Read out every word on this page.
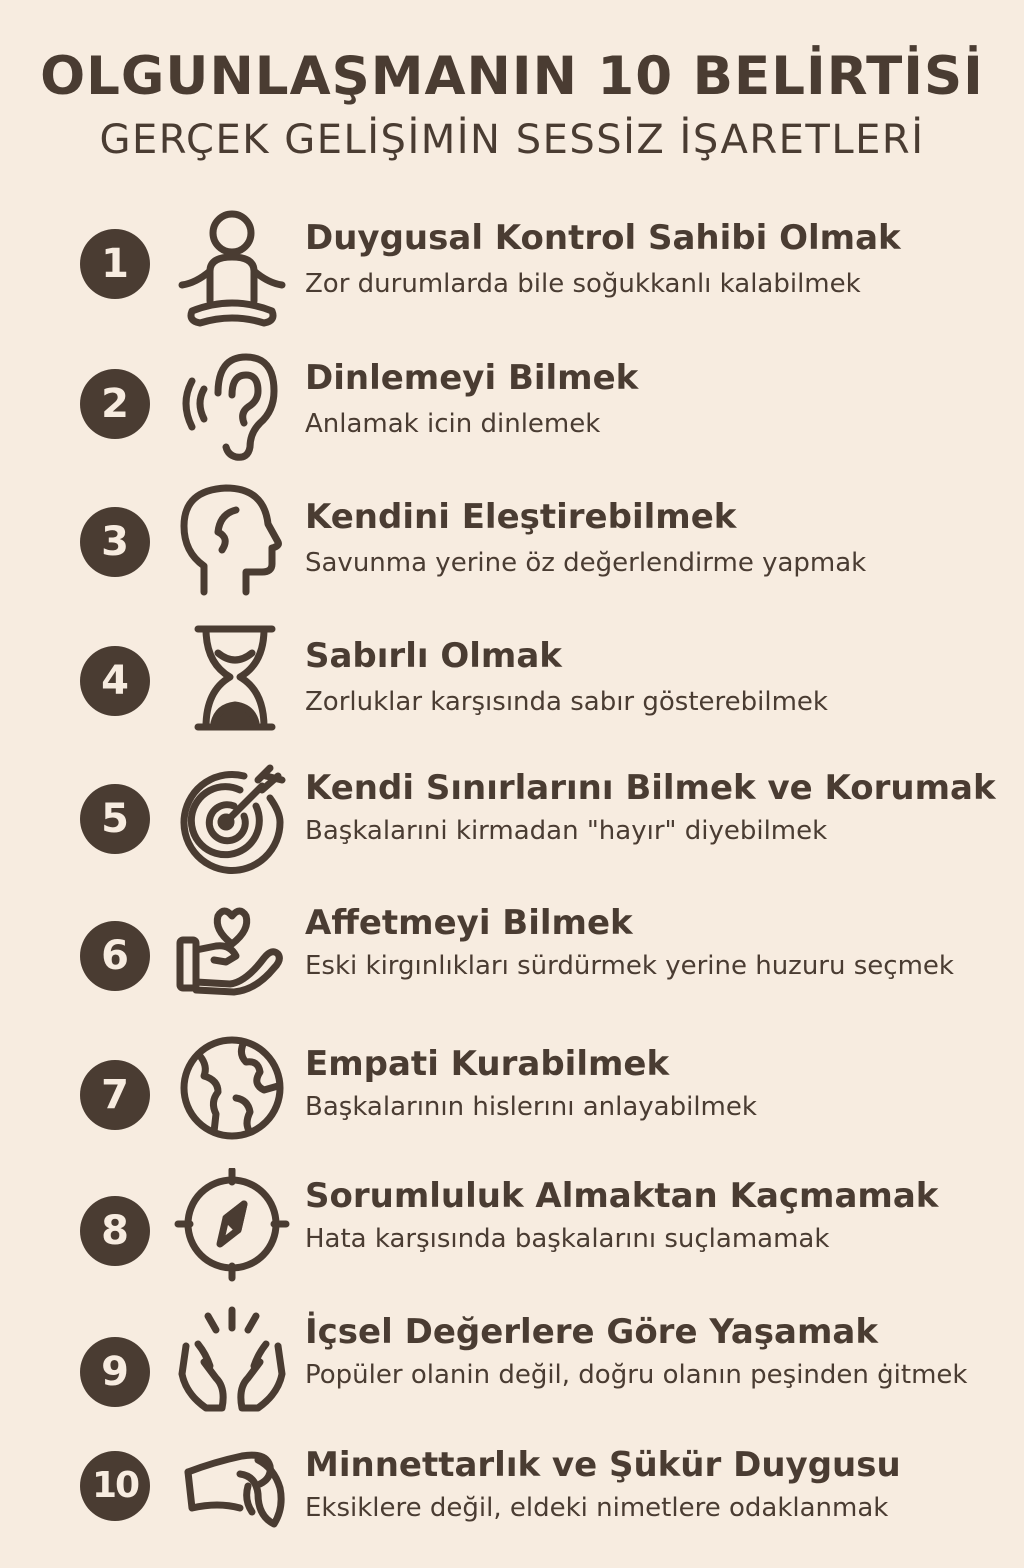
OLGUNLAŞMANIN 10 BELİRTİSİ
GERÇEK GELİŞİMİN SESSİZ İŞARETLERİ
1
Duygusal Kontrol Sahibi Olmak
Zor durumlarda bile soğukkanlı kalabilmek
2
Dinlemeyi Bilmek
Anlamak icin dinlemek
3
Kendini Eleştirebilmek
Savunma yerine öz değerlendirme yapmak
4
Sabırlı Olmak
Zorluklar karşısında sabır gösterebilmek
5
Kendi Sınırlarını Bilmek ve Korumak
Başkalarıni kirmadan "hayır" diyebilmek
6
Affetmeyi Bilmek
Eski kirgınlıkları sürdürmek yerine huzuru seçmek
7
Empati Kurabilmek
Başkalarının hislerını anlayabilmek
8
Sorumluluk Almaktan Kaçmamak
Hata karşısında başkalarını suçlamamak
9
İçsel Değerlere Göre Yaşamak
Popüler olanin değil, doğru olanın peşinden ġitmek
10	Minnettarlık ve Şükür Duygusu
Eksiklere değil, eldeki nimetlere odaklanmak
